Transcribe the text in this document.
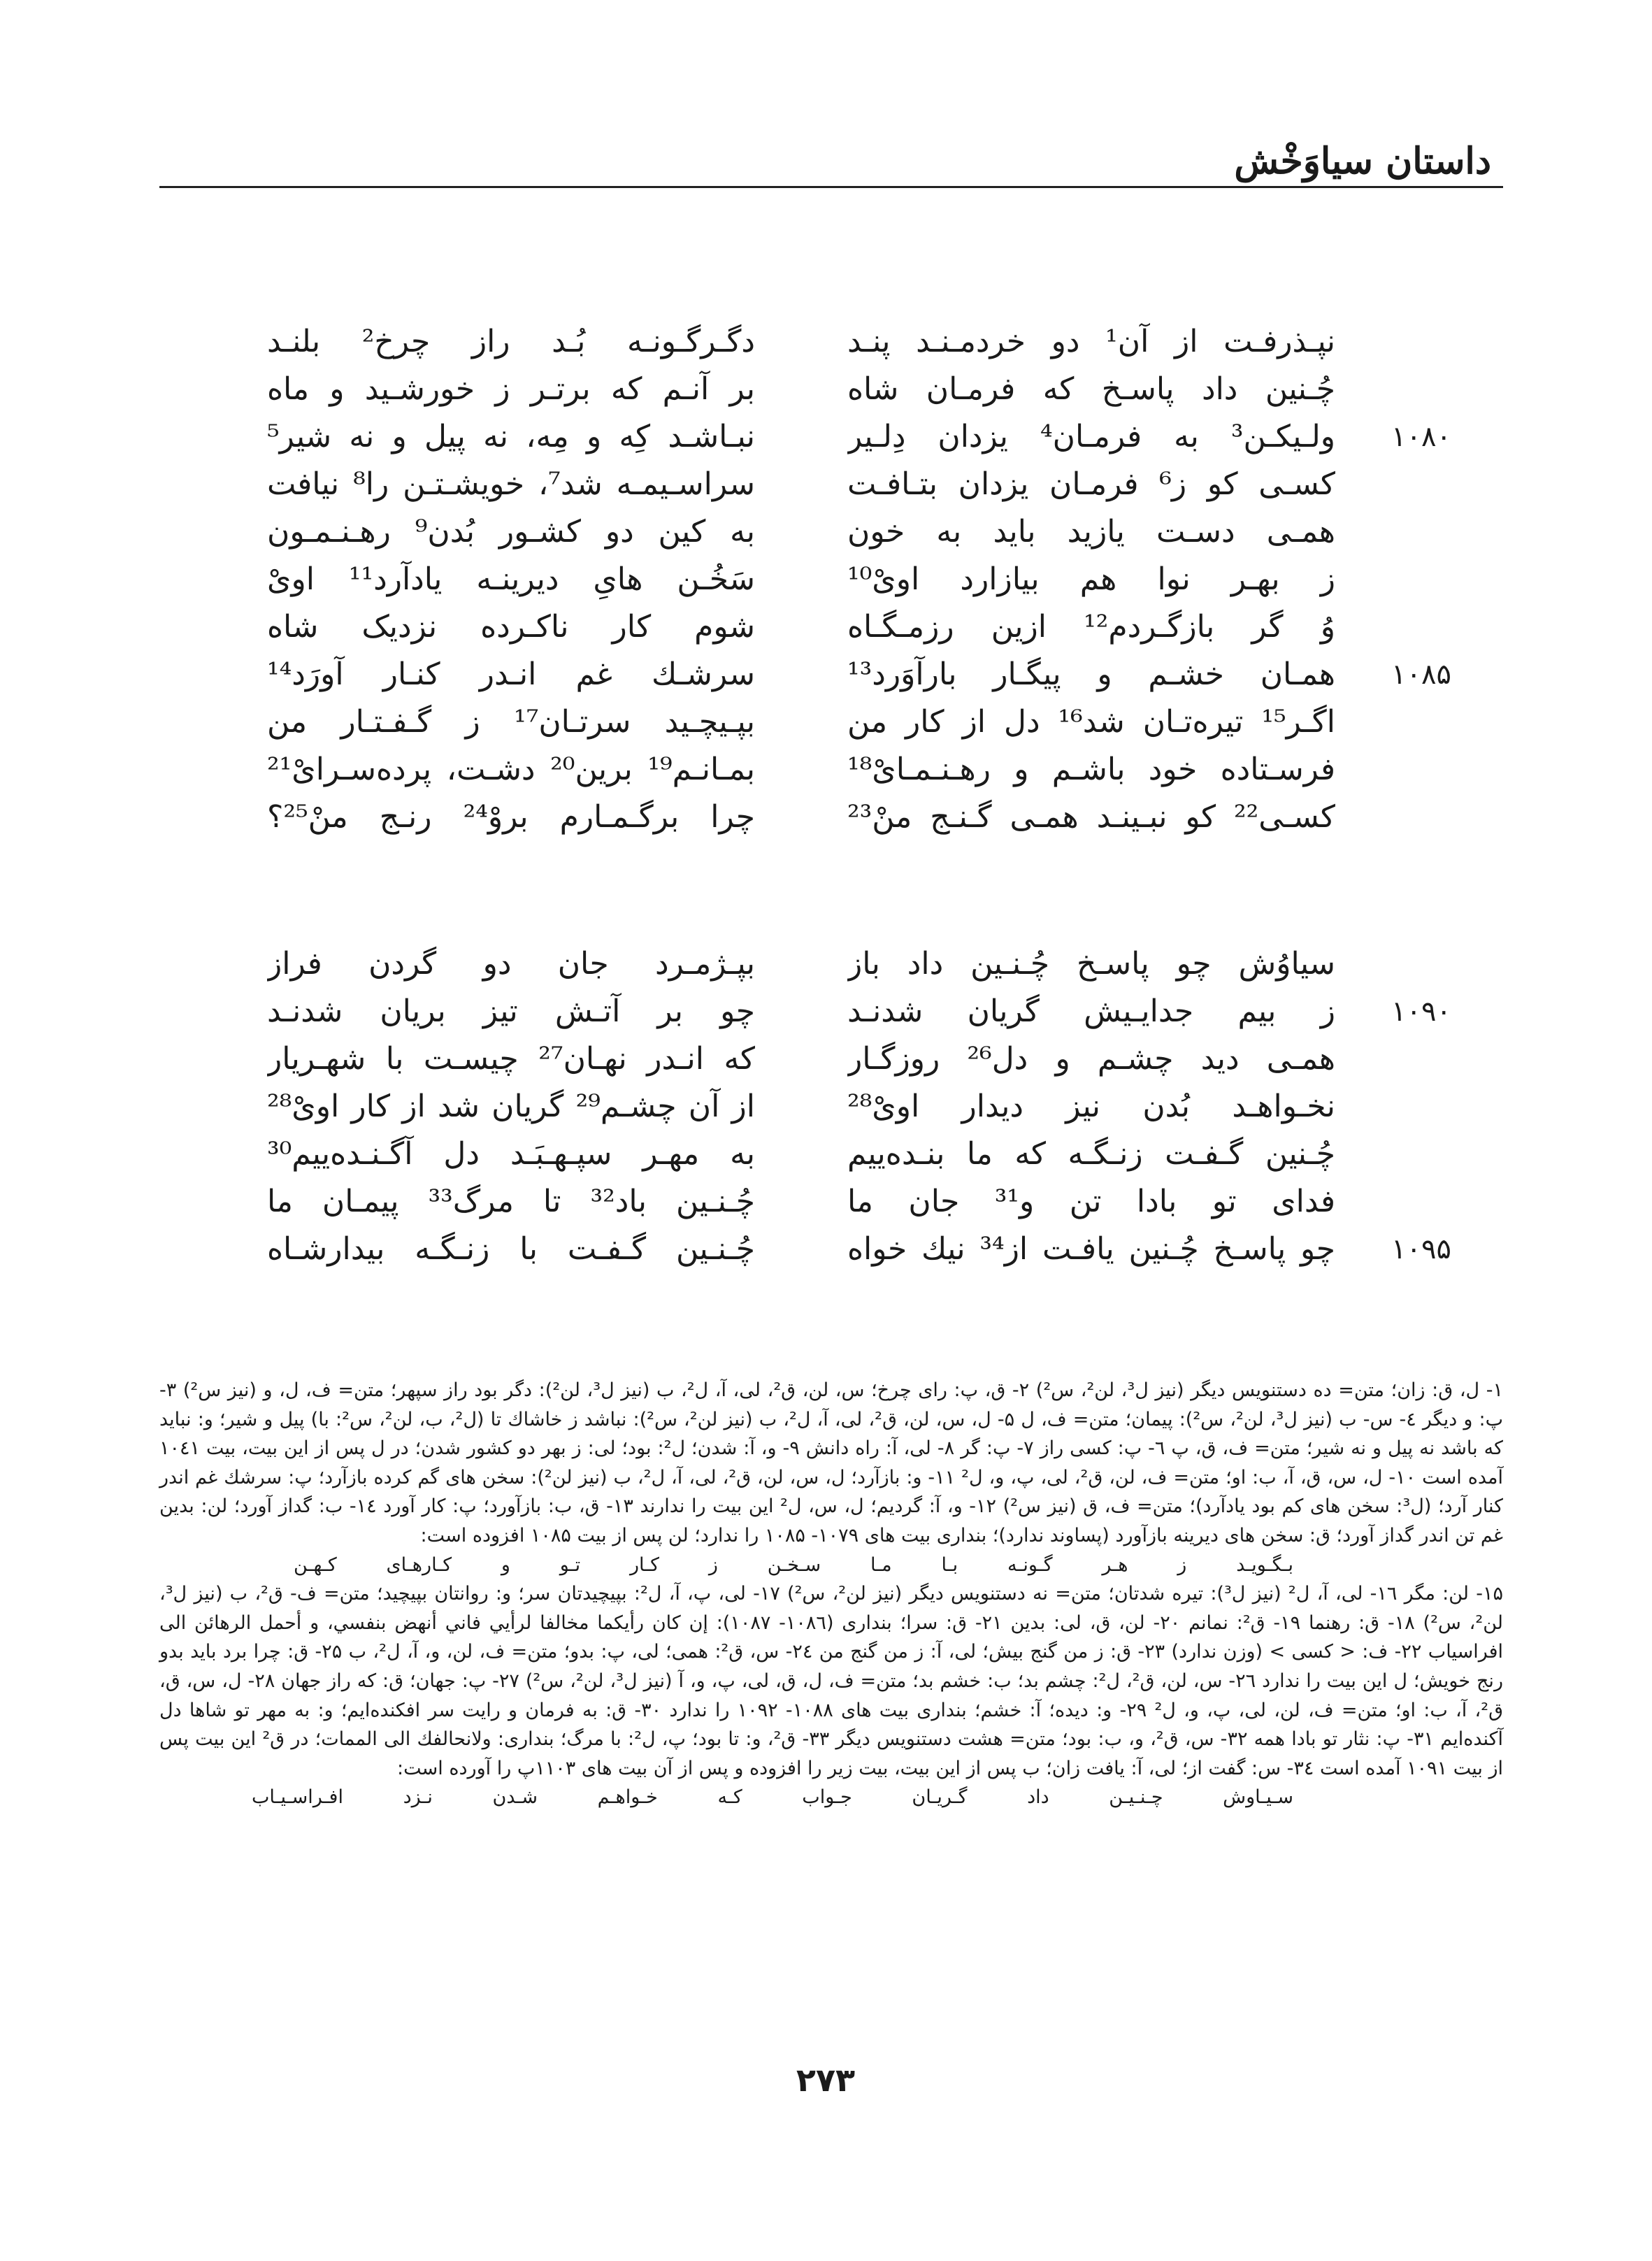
داستان سیاوَخْش
نپـذرفـت از آن¹ دو خردمـنـد پنـد
دگـرگـونـه بُـد راز چرخ² بلنـد
چُـنین داد پاسـخ که فرمـان شاه
بر آنـم که برتـر ز خورشـید و ماه
۱۰۸۰
ولـیکـن³ به فرمـان⁴ یزدان دِلـیر
نبـاشـد کِه و مِه، نه پیل و نه شیر⁵
کسـی کو ز⁶ فرمـان یزدان بتـافـت
سراسـیمـه شد⁷، خویشـتـن را⁸ نیافت
همـی دسـت یازید باید به خون
به کین دو کشـور بُدن⁹ رهـنـمـون
ز بهـر نوا هم بیازارد اویْ¹⁰
سَخُـن هایِ دیرینـه یادآرد¹¹ اویْ
وُ گر بازگـردم¹² ازین رزمـگـاه
شوم کار ناکـرده نزدیک شاه
۱۰۸۵
همـان خشـم و پیگـار بارآوَرد¹³
سرشـك غم انـدر کنـار آورَد¹⁴
اگـر¹⁵ تیره‌تـان شد¹⁶ دل از کار من
بپـیچـید سرتـان¹⁷ ز گـفـتـار من
فرسـتاده خود باشـم و رهـنـمـایْ¹⁸
بمـانـم¹⁹ برین²⁰ دشـت، پرده‌سـرایْ²¹
کسـی²² کو نبـینـد همـی گـنـج منْ²³
چرا برگـمـارم بروْ²⁴ رنـج منْ²⁵؟
سیاوُش چو پاسـخ چُـنـین داد باز
بپـژمـرد جان دو گردن فراز
۱۰۹۰
ز بیم جدایـیش گریان شدنـد
چو بر آتـش تیز بریان شدنـد
همـی دید چشـم و دل²⁶ روزگـار
که انـدر نهـان²⁷ چیسـت با شهـریار
نخـواهـد بُدن نیز دیدار اویْ²⁸
از آن چشـم²⁹ گریان شد از کار اویْ²⁸
چُـنین گـفـت زنـگـه که ما بنـده‌ییم
به مهـر سپـهـبَـد دل آگـنـده‌ییم³⁰
فدای تو بادا تن و³¹ جان ما
چُـنـین باد³² تا مرگ³³ پیمـان ما
۱۰۹۵
چو پاسـخ چُـنین یافـت از³⁴ نیك خواه
چُـنـین گـفـت با زنـگـه بیدارشـاه

۱- ل، ق: زان؛ متن= ده دستنویس دیگر (نیز ل³، لن²، س²) ۲- ق، پ: رای چرخ؛ س، لن، ق²، لی، آ، ل²، ب (نیز ل³، لن²): دگر بود راز سپهر؛ متن= ف، ل، و (نیز س²) ۳- پ: و دیگر ٤- س- ب (نیز ل³، لن²، س²): پیمان؛ متن= ف، ل ۵- ل، س، لن، ق²، لی، آ، ل²، ب (نیز لن²، س²): نباشد ز خاشاك تا (ل²، ب، لن²، س²: با) پیل و شیر؛ و: نباید که باشد نه پیل و نه شیر؛ متن= ف، ق، پ ٦- پ: کسی راز ۷- پ: گر ۸- لی، آ: راه دانش ۹- و، آ: شدن؛ ل²: بود؛ لی: ز بهر دو کشور شدن؛ در ل پس از این بیت، بیت ۱۰٤۱ آمده است ۱۰- ل، س، ق، آ، ب: او؛ متن= ف، لن، ق²، لی، پ، و، ل² ۱۱- و: بازآرد؛ ل، س، لن، ق²، لی، آ، ل²، ب (نیز لن²): سخن های گم کرده بازآرد؛ پ: سرشك غم اندر کنار آرد؛ (ل³: سخن های کم بود یادآرد)؛ متن= ف، ق (نیز س²) ۱۲- و، آ: گردیم؛ ل، س، ل² این بیت را ندارند ۱۳- ق، ب: بازآورد؛ پ: کار آورد ۱٤- ب: گداز آورد؛ لن: بدین غم تن اندر گداز آورد؛ ق: سخن های دیرینه بازآورد (پساوند ندارد)؛ بنداری بیت های ۱۰۷۹- ۱۰۸۵ را ندارد؛ لن پس از بیت ۱۰۸۵ افزوده است:

بـگـویـد ز هـر گـونـه بـا مـا سـخـن ز کـار تـو و کـارهـای کـهـن

۱۵- لن: مگر ۱٦- لی، آ، ل² (نیز ل³): تیره شدتان؛ متن= نه دستنویس دیگر (نیز لن²، س²) ۱۷- لی، پ، آ، ل²: بپیچیدتان سر؛ و: روانتان بپیچید؛ متن= ف- ق²، ب (نیز ل³، لن²، س²) ۱۸- ق: رهنما ۱۹- ق²: نمانم ۲۰- لن، ق، لی: بدین ۲۱- ق: سرا؛ بنداری (۱۰۸٦- ۱۰۸۷): إن كان رأيكما مخالفا لرأيي فاني أنهض بنفسي، و أحمل الرهائن الى افراسياب ۲۲- ف: < کسی > (وزن ندارد) ۲۳- ق: ز من گنج بیش؛ لی، آ: ز من گنج من ۲٤- س، ق²: همی؛ لی، پ: بدو؛ متن= ف، لن، و، آ، ل²، ب ۲۵- ق: چرا برد باید بدو رنج خویش؛ ل این بیت را ندارد ۲٦- س، لن، ق²، ل²: چشم بد؛ ب: خشم بد؛ متن= ف، ل، ق، لی، پ، و، آ (نیز ل³، لن²، س²) ۲۷- پ: جهان؛ ق: که راز جهان ۲۸- ل، س، ق، ق²، آ، ب: او؛ متن= ف، لن، لی، پ، و، ل² ۲۹- و: دیده؛ آ: خشم؛ بنداری بیت های ۱۰۸۸- ۱۰۹۲ را ندارد ۳۰- ق: به فرمان و رایت سر افکنده‌ایم؛ و: به مهر تو شاها دل آکنده‌ایم ۳۱- پ: نثار تو بادا همه ۳۲- س، ق²، و، ب: بود؛ متن= هشت دستنویس دیگر ۳۳- ق²، و: تا بود؛ پ، ل²: با مرگ؛ بنداری: ولانحالفك الى الممات؛ در ق² این بیت پس از بیت ۱۰۹۱ آمده است ۳٤- س: گفت از؛ لی، آ: یافت زان؛ ب پس از این بیت، بیت زیر را افزوده و پس از آن بیت های ۱۱۰۳پ را آورده است:

سـیـاوش چـنـیـن داد گـریـان جـواب کـه خـواهـم شـدن نـزد افـراسـیـاب

۲۷۳
